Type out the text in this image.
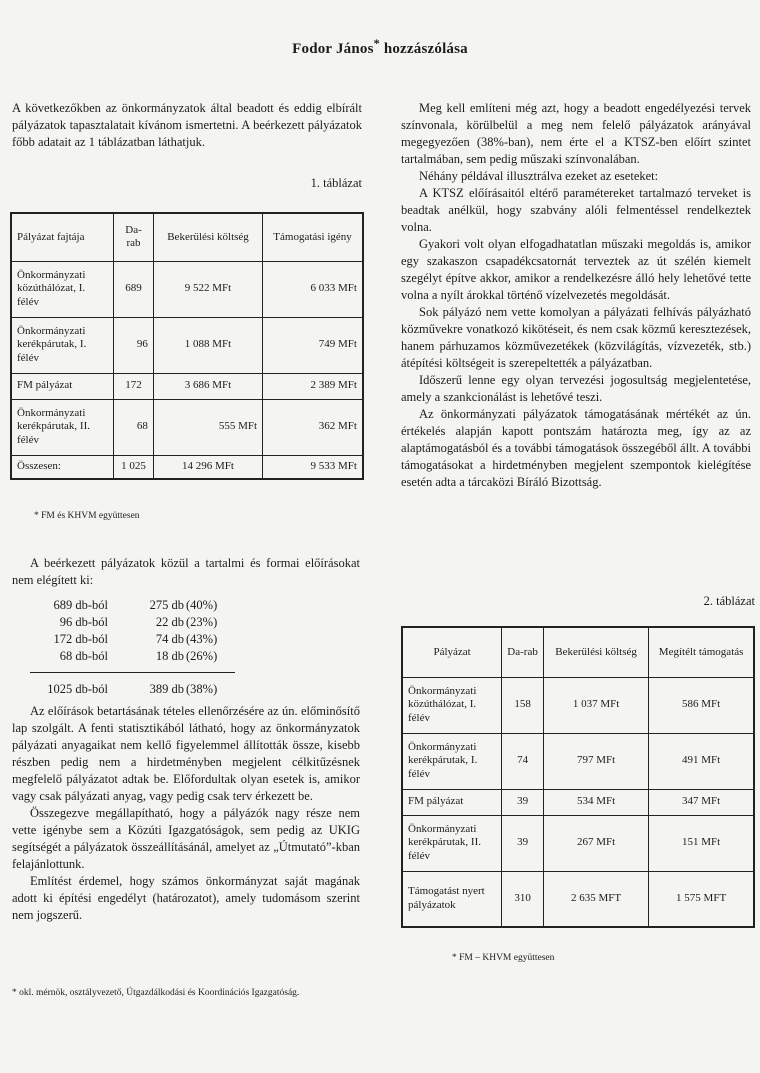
Fodor János* hozzászólása

A következőkben az önkormányzatok által beadott és eddig elbírált pályázatok tapasztalatait kívánom ismertetni. A beérkezett pályázatok főbb adatait az 1 táblázatban láthatjuk.

1. táblázat
Pályázat fajtája	Da-rab	Bekerülési költség	Támogatási igény
Önkormányzati közúthálózat, I. félév	689	9 522 MFt	6 033 MFt
Önkormányzati kerékpárutak, I. félév	96	1 088 MFt	749 MFt
FM pályázat	172	3 686 MFt	2 389 MFt
Önkormányzati kerékpárutak, II. félév	68	555 MFt	362 MFt
Összesen:	1 025	14 296 MFt	9 533 MFt
* FM és KHVM együttesen

A beérkezett pályázatok közül a tartalmi és formai előírásokat nem elégített ki:

689 db-ból	275 db (40%)
96 db-ból	22 db (23%)
172 db-ból	74 db (43%)
68 db-ból	18 db (26%)
1025 db-ból	389 db (38%)

Az előírások betartásának tételes ellenőrzésére az ún. előminősítő lap szolgált. A fenti statisztikából látható, hogy az önkormányzatok pályázati anyagaikat nem kellő figyelemmel állították össze, kisebb részben pedig nem a hirdetményben megjelent célkitűzésnek megfelelő pályázatot adtak be. Előfordultak olyan esetek is, amikor vagy csak pályázati anyag, vagy pedig csak terv érkezett be.

Összegezve megállapítható, hogy a pályázók nagy része nem vette igénybe sem a Közúti Igazgatóságok, sem pedig az UKIG segítségét a pályázatok összeállításánál, amelyet az „Útmutató”-kban felajánlottunk.

Említést érdemel, hogy számos önkormányzat saját magának adott ki építési engedélyt (határozatot), amely tudomásom szerint nem jogszerű.

* okl. mérnök, osztályvezető, Útgazdálkodási és Koordinációs Igazgatóság.

Meg kell említeni még azt, hogy a beadott engedélyezési tervek színvonala, körülbelül a meg nem felelő pályázatok arányával megegyezően (38%-ban), nem érte el a KTSZ-ben előírt szintet tartalmában, sem pedig műszaki színvonalában.

Néhány példával illusztrálva ezeket az eseteket:

A KTSZ előírásaitól eltérő paramétereket tartalmazó terveket is beadtak anélkül, hogy szabvány alóli felmentéssel rendelkeztek volna.

Gyakori volt olyan elfogadhatatlan műszaki megoldás is, amikor egy szakaszon csapadékcsatornát terveztek az út szélén kiemelt szegélyt építve akkor, amikor a rendelkezésre álló hely lehetővé tette volna a nyílt árokkal történő vízelvezetés megoldását.

Sok pályázó nem vette komolyan a pályázati felhívás pályázható közművekre vonatkozó kikötéseit, és nem csak közmű keresztezések, hanem párhuzamos közművezetékek (közvilágítás, vízvezeték, stb.) átépítési költségeit is szerepeltették a pályázatban.

Időszerű lenne egy olyan tervezési jogosultság megjelentetése, amely a szankcionálást is lehetővé teszi.

Az önkormányzati pályázatok támogatásának mértékét az ún. értékelés alapján kapott pontszám határozta meg, így az az alaptámogatásból és a további támogatások összegéből állt. A további támogatásokat a hirdetményben megjelent szempontok kielégítése esetén adta a tárcaközi Bíráló Bizottság.

2. táblázat
Pályázat	Da-rab	Bekerülési költség	Megítélt támogatás
Önkormányzati közúthálózat, I. félév	158	1 037 MFt	586 MFt
Önkormányzati kerékpárutak, I. félév	74	797 MFt	491 MFt
FM pályázat	39	534 MFt	347 MFt
Önkormányzati kerékpárutak, II. félév	39	267 MFt	151 MFt
Támogatást nyert pályázatok	310	2 635 MFT	1 575 MFT
* FM – KHVM együttesen
